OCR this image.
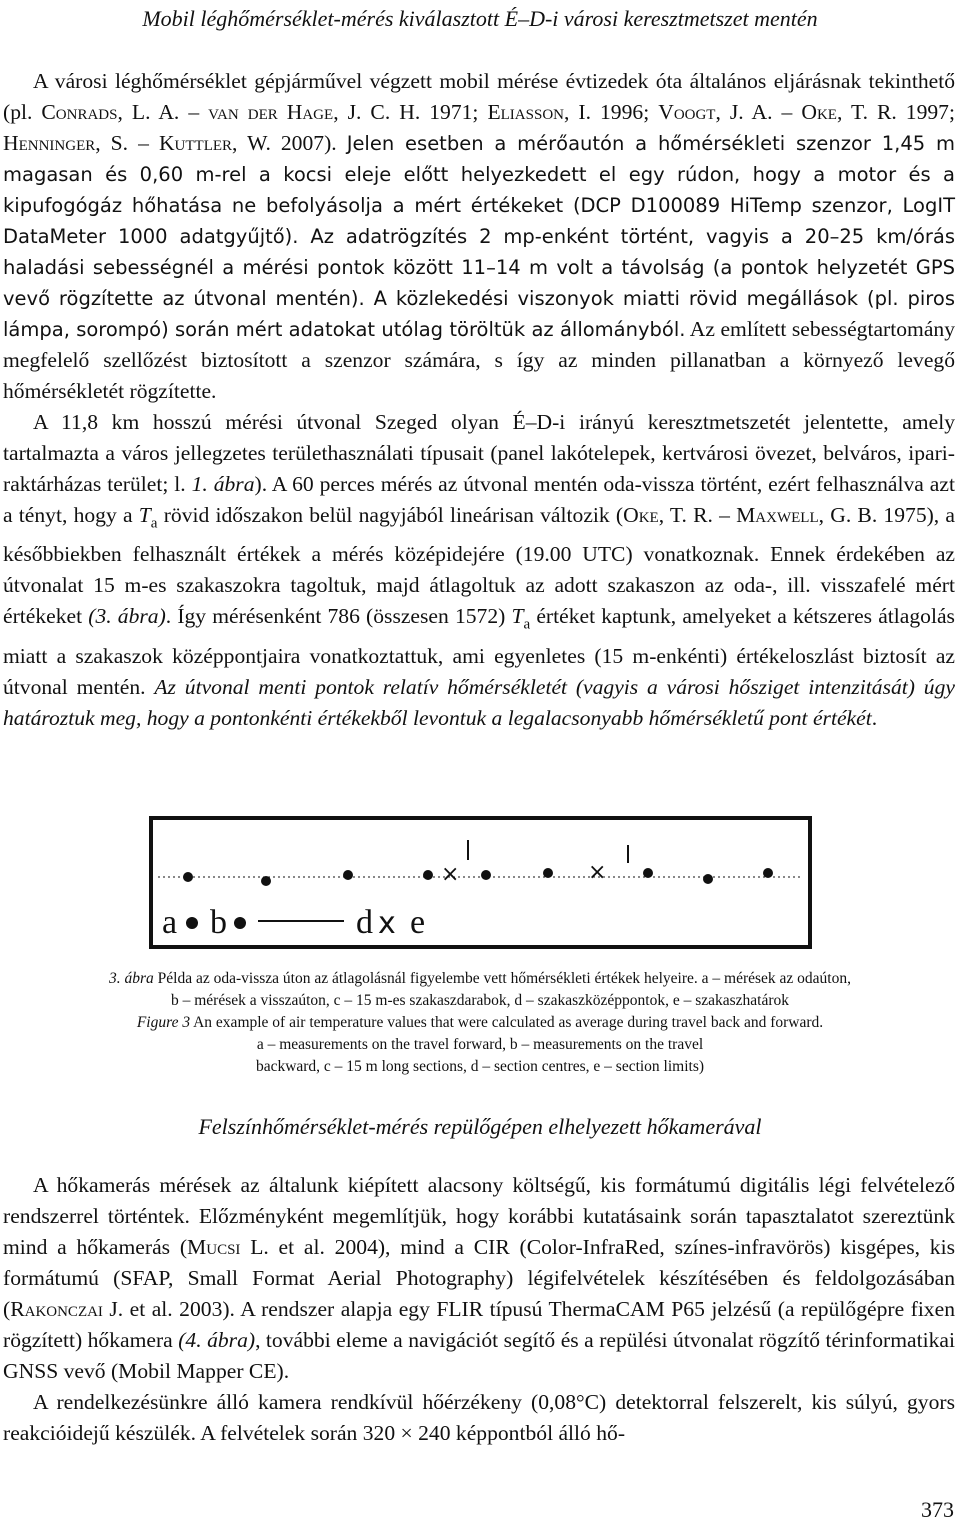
Mobil léghőmérséklet-mérés kiválasztott É–D-i városi keresztmetszet mentén

A városi léghőmérséklet gépjárművel végzett mobil mérése évtizedek óta általános eljárásnak tekinthető (pl. Conrads, L. A. – van der Hage, J. C. H. 1971; Eliasson, I. 1996; Voogt, J. A. – Oke, T. R. 1997; Henninger, S. – Kuttler, W. 2007). Jelen esetben a mérőautón a hőmérsékleti szenzor 1,45 m magasan és 0,60 m-rel a kocsi eleje előtt helyezkedett el egy rúdon, hogy a motor és a kipufogógáz hőhatása ne befolyásolja a mért értékeket (DCP D100089 HiTemp szenzor, LogIT DataMeter 1000 adatgyűjtő). Az adatrögzítés 2 mp-enként történt, vagyis a 20–25 km/órás haladási sebességnél a mérési pontok között 11–14 m volt a távolság (a pontok helyzetét GPS vevő rögzítette az útvonal mentén). A közlekedési viszonyok miatti rövid megállások (pl. piros lámpa, sorompó) során mért adatokat utólag töröltük az állományból. Az említett sebességtartomány megfelelő szellőzést biztosított a szenzor számára, s így az minden pillanatban a környező levegő hőmérsékletét rögzítette.

A 11,8 km hosszú mérési útvonal Szeged olyan É–D-i irányú keresztmetszetét jelentette, amely tartalmazta a város jellegzetes területhasználati típusait (panel lakótelepek, kertvárosi övezet, belváros, ipari-raktárházas terület; l. 1. ábra). A 60 perces mérés az útvonal mentén oda-vissza történt, ezért felhasználva azt a tényt, hogy a $T_a$ rövid időszakon belül nagyjából lineárisan változik (Oke, T. R. – Maxwell, G. B. 1975), a későbbiekben felhasznált értékek a mérés középidejére (19.00 UTC) vonatkoznak. Ennek érdekében az útvonalat 15 m-es szakaszokra tagoltuk, majd átlagoltuk az adott szakaszon az oda-, ill. visszafelé mért értékeket (3. ábra). Így mérésenként 786 (összesen 1572) $T_a$ értéket kaptunk, amelyeket a kétszeres átlagolás miatt a szakaszok középpontjaira vonatkoztattuk, ami egyenletes (15 m-enkénti) értékeloszlást biztosít az útvonal mentén. Az útvonal menti pontok relatív hőmérsékletét (vagyis a városi hősziget intenzitását) úgy határoztuk meg, hogy a pontonkénti értékekből levontuk a legalacsonyabb hőmérsékletű pont értékét.

×	×
a b	d x e
3. ábra Példa az oda-vissza úton az átlagolásnál figyelembe vett hőmérsékleti értékek helyeire. a – mérések az odaúton,
b – mérések a visszaúton, c – 15 m-es szakaszdarabok, d – szakaszközéppontok, e – szakaszhatárok
Figure 3 An example of air temperature values that were calculated as average during travel back and forward.
a – measurements on the travel forward, b – measurements on the travel
backward, c – 15 m long sections, d – section centres, e – section limits)
Felszínhőmérséklet-mérés repülőgépen elhelyezett hőkamerával

A hőkamerás mérések az általunk kiépített alacsony költségű, kis formátumú digitális légi felvételező rendszerrel történtek. Előzményként megemlítjük, hogy korábbi kutatásaink során tapasztalatot szereztünk mind a hőkamerás (Mucsi L. et al. 2004), mind a CIR (Color-InfraRed, színes-infravörös) kisgépes, kis formátumú (SFAP, Small Format Aerial Photography) légifelvételek készítésében és feldolgozásában (Rakonczai J. et al. 2003). A rendszer alapja egy FLIR típusú ThermaCAM P65 jelzésű (a repülőgépre fixen rögzített) hőkamera (4. ábra), további eleme a navigációt segítő és a repülési útvonalat rögzítő térinformatikai GNSS vevő (Mobil Mapper CE).

A rendelkezésünkre álló kamera rendkívül hőérzékeny (0,08°C) detektorral felszerelt, kis súlyú, gyors reakcióidejű készülék. A felvételek során 320 × 240 képpontból álló hő-

373
